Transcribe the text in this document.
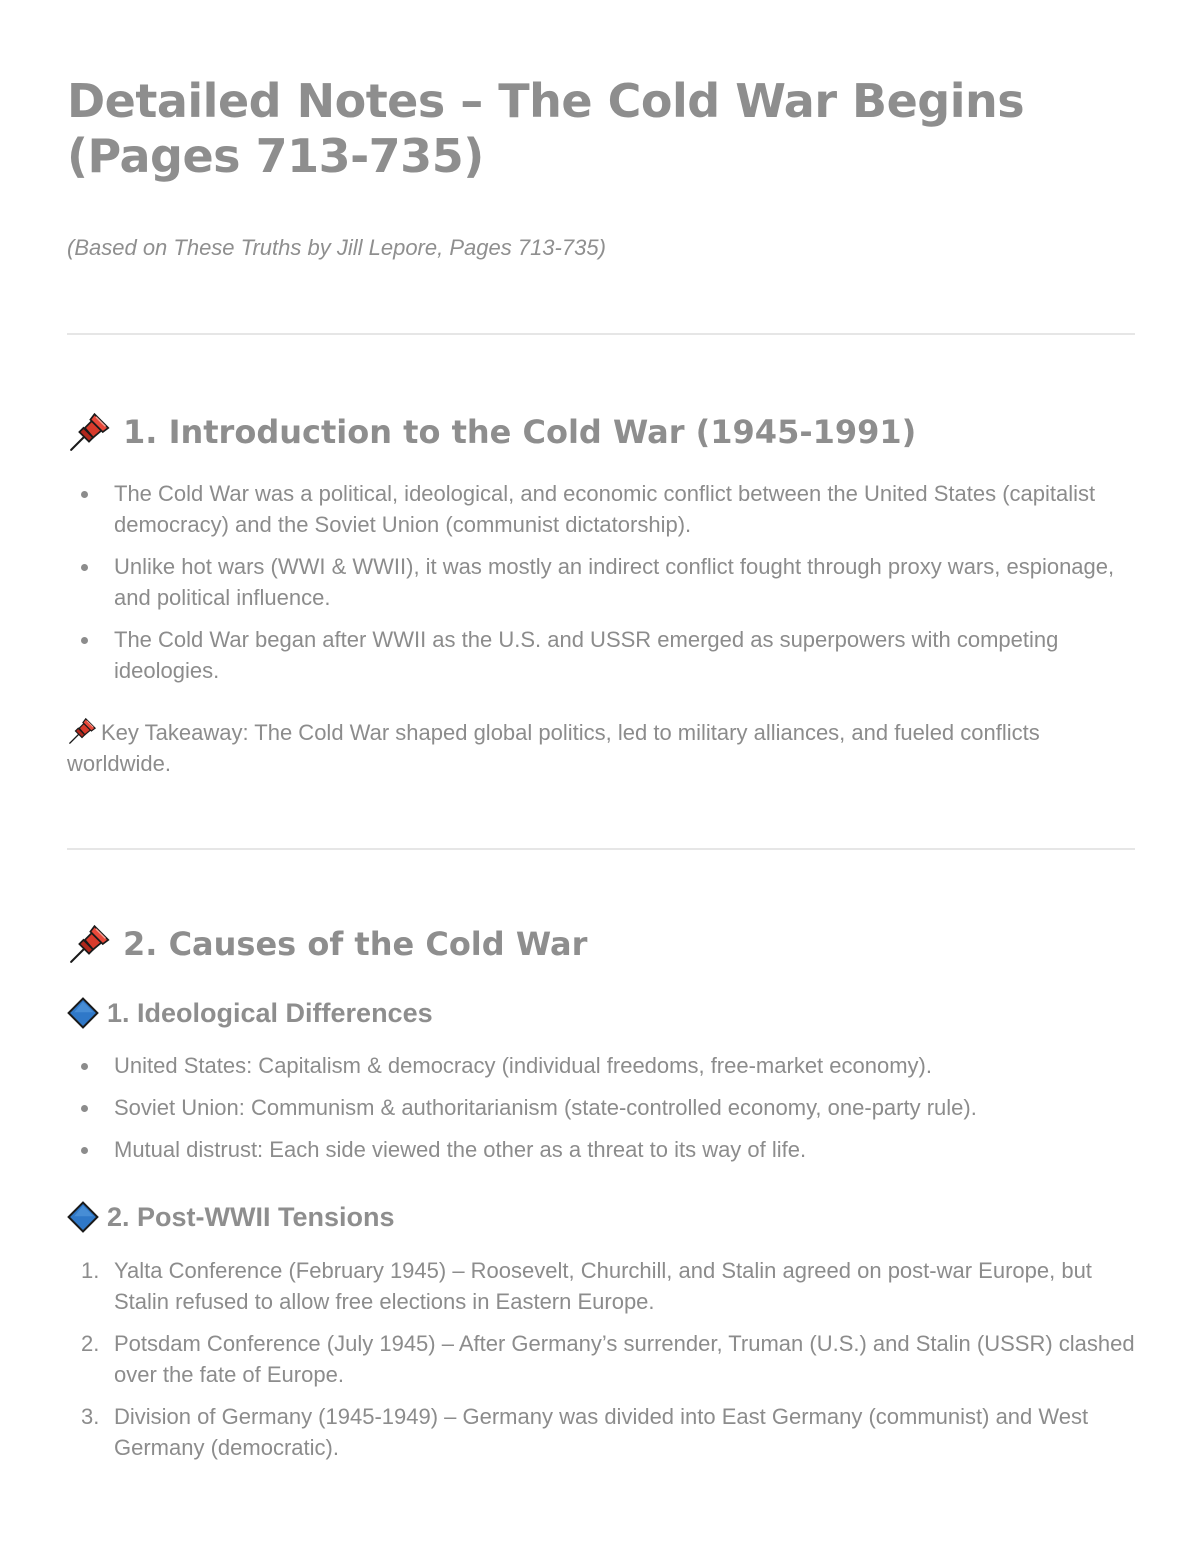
Detailed Notes – The Cold War Begins (Pages 713-735)
(Based on These Truths by Jill Lepore, Pages 713-735)
1. Introduction to the Cold War (1945-1991)
The Cold War was a political, ideological, and economic conflict between the United States (capitalist democracy) and the Soviet Union (communist dictatorship).
Unlike hot wars (WWI & WWII), it was mostly an indirect conflict fought through proxy wars, espionage, and political influence.
The Cold War began after WWII as the U.S. and USSR emerged as superpowers with competing ideologies.
Key Takeaway: The Cold War shaped global politics, led to military alliances, and fueled conflicts worldwide.
2. Causes of the Cold War
1. Ideological Differences
United States: Capitalism & democracy (individual freedoms, free-market economy).
Soviet Union: Communism & authoritarianism (state-controlled economy, one-party rule).
Mutual distrust: Each side viewed the other as a threat to its way of life.
2. Post-WWII Tensions
1. Yalta Conference (February 1945) – Roosevelt, Churchill, and Stalin agreed on post-war Europe, but Stalin refused to allow free elections in Eastern Europe.
2. Potsdam Conference (July 1945) – After Germany’s surrender, Truman (U.S.) and Stalin (USSR) clashed over the fate of Europe.
3. Division of Germany (1945-1949) – Germany was divided into East Germany (communist) and West Germany (democratic).
